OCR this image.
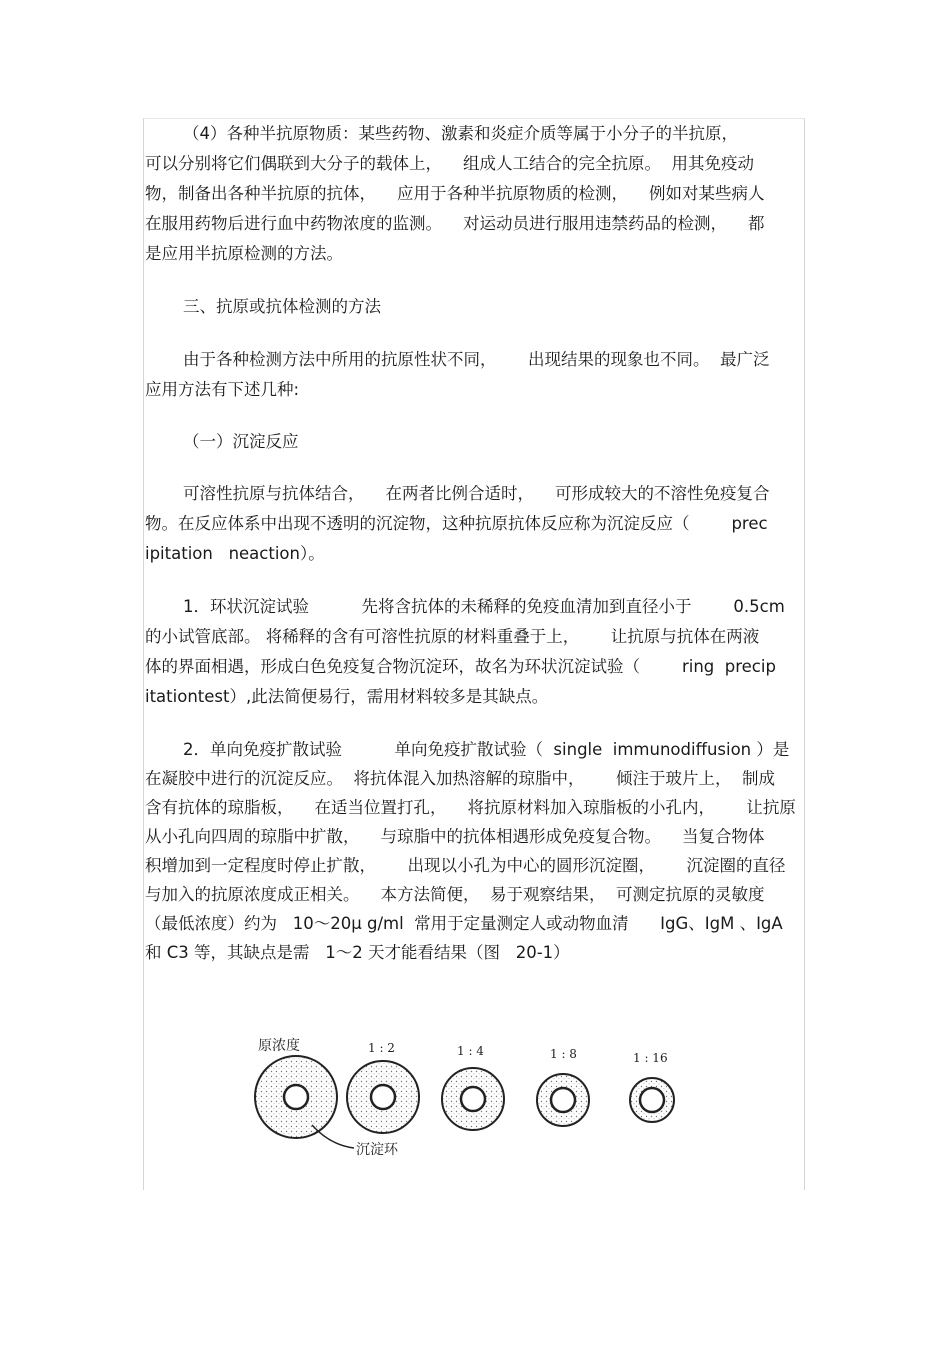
（4）各种半抗原物质：某些药物、激素和炎症介质等属于小分子的半抗原，
可以分别将它们偶联到大分子的载体上，    组成人工结合的完全抗原。  用其免疫动
物，制备出各种半抗原的抗体，    应用于各种半抗原物质的检测，    例如对某些病人
在服用药物后进行血中药物浓度的监测。    对运动员进行服用违禁药品的检测，    都
是应用半抗原检测的方法。
三、抗原或抗体检测的方法
由于各种检测方法中所用的抗原性状不同，      出现结果的现象也不同。  最广泛
应用方法有下述几种:
（一）沉淀反应
可溶性抗原与抗体结合，    在两者比例合适时，    可形成较大的不溶性免疫复合
物。在反应体系中出现不透明的沉淀物，这种抗原抗体反应称为沉淀反应（        prec
ipitation   neaction）。
1．环状沉淀试验          先将含抗体的未稀释的免疫血清加到直径小于        0.5cm
的小试管底部。 将稀释的含有可溶性抗原的材料重叠于上，      让抗原与抗体在两液
体的界面相遇，形成白色免疫复合物沉淀环，故名为环状沉淀试验（        ring  precip
itationtest）,此法简便易行，需用材料较多是其缺点。
2．单向免疫扩散试验          单向免疫扩散试验（  single  immunodiffusion ）是
在凝胶中进行的沉淀反应。  将抗体混入加热溶解的琼脂中，      倾注于玻片上，  制成
含有抗体的琼脂板，    在适当位置打孔，    将抗原材料加入琼脂板的小孔内，      让抗原
从小孔向四周的琼脂中扩散，    与琼脂中的抗体相遇形成免疫复合物。    当复合物体
积增加到一定程度时停止扩散，      出现以小孔为中心的圆形沉淀圈，      沉淀圈的直径
与加入的抗原浓度成正相关。    本方法简便，  易于观察结果，  可测定抗原的灵敏度
（最低浓度）约为   10～20μ g/ml  常用于定量测定人或动物血清      IgG、IgM 、IgA
和 C3 等，其缺点是需   1～2 天才能看结果（图   20-1）
原浓度	1 : 2	1 : 4	1 : 8	1 : 16
沉淀环
